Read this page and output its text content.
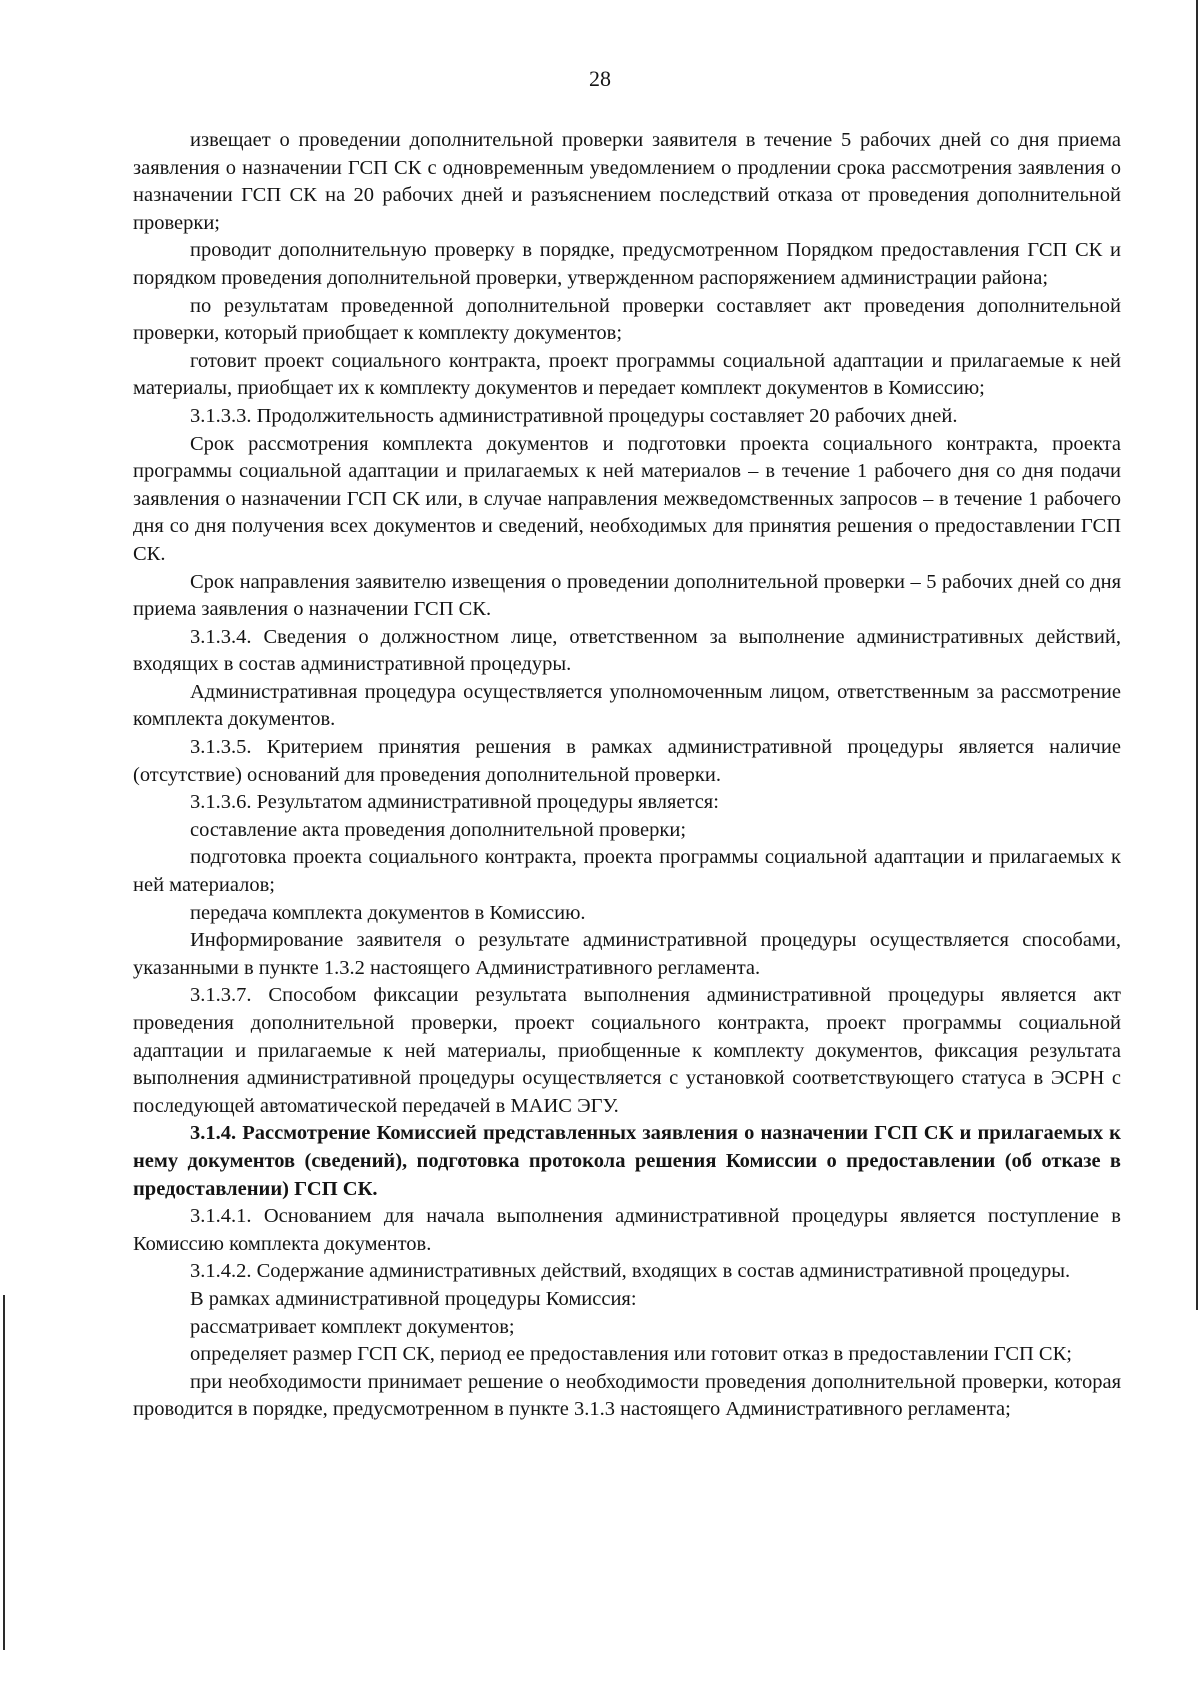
28

извещает о проведении дополнительной проверки заявителя в течение 5 рабочих дней со дня приема заявления о назначении ГСП СК с одновременным уведомлением о продлении срока рассмотрения заявления о назначении ГСП СК на 20 рабочих дней и разъяснением последствий отказа от проведения дополнительной проверки;

проводит дополнительную проверку в порядке, предусмотренном Порядком предоставления ГСП СК и порядком проведения дополнительной проверки, утвержденном распоряжением администрации района;

по результатам проведенной дополнительной проверки составляет акт проведения дополнительной проверки, который приобщает к комплекту документов;

готовит проект социального контракта, проект программы социальной адаптации и прилагаемые к ней материалы, приобщает их к комплекту документов и передает комплект документов в Комиссию;

3.1.3.3. Продолжительность административной процедуры составляет 20 рабочих дней.

Срок рассмотрения комплекта документов и подготовки проекта социального контракта, проекта программы социальной адаптации и прилагаемых к ней материалов – в течение 1 рабочего дня со дня подачи заявления о назначении ГСП СК или, в случае направления межведомственных запросов – в течение 1 рабочего дня со дня получения всех документов и сведений, необходимых для принятия решения о предоставлении ГСП СК.

Срок направления заявителю извещения о проведении дополнительной проверки – 5 рабочих дней со дня приема заявления о назначении ГСП СК.

3.1.3.4. Сведения о должностном лице, ответственном за выполнение административных действий, входящих в состав административной процедуры.

Административная процедура осуществляется уполномоченным лицом, ответственным за рассмотрение комплекта документов.

3.1.3.5. Критерием принятия решения в рамках административной процедуры является наличие (отсутствие) оснований для проведения дополнительной проверки.

3.1.3.6. Результатом административной процедуры является:

составление акта проведения дополнительной проверки;

подготовка проекта социального контракта, проекта программы социальной адаптации и прилагаемых к ней материалов;

передача комплекта документов в Комиссию.

Информирование заявителя о результате административной процедуры осуществляется способами, указанными в пункте 1.3.2 настоящего Административного регламента.

3.1.3.7. Способом фиксации результата выполнения административной процедуры является акт проведения дополнительной проверки, проект социального контракта, проект программы социальной адаптации и прилагаемые к ней материалы, приобщенные к комплекту документов, фиксация результата выполнения административной процедуры осуществляется с установкой соответствующего статуса в ЭСРН с последующей автоматической передачей в МАИС ЭГУ.

3.1.4. Рассмотрение Комиссией представленных заявления о назначении ГСП СК и прилагаемых к нему документов (сведений), подготовка протокола решения Комиссии о предоставлении (об отказе в предоставлении) ГСП СК.

3.1.4.1. Основанием для начала выполнения административной процедуры является поступление в Комиссию комплекта документов.

3.1.4.2. Содержание административных действий, входящих в состав административной процедуры.

В рамках административной процедуры Комиссия:

рассматривает комплект документов;

определяет размер ГСП СК, период ее предоставления или готовит отказ в предоставлении ГСП СК;

при необходимости принимает решение о необходимости проведения дополнительной проверки, которая проводится в порядке, предусмотренном в пункте 3.1.3 настоящего Административного регламента;
